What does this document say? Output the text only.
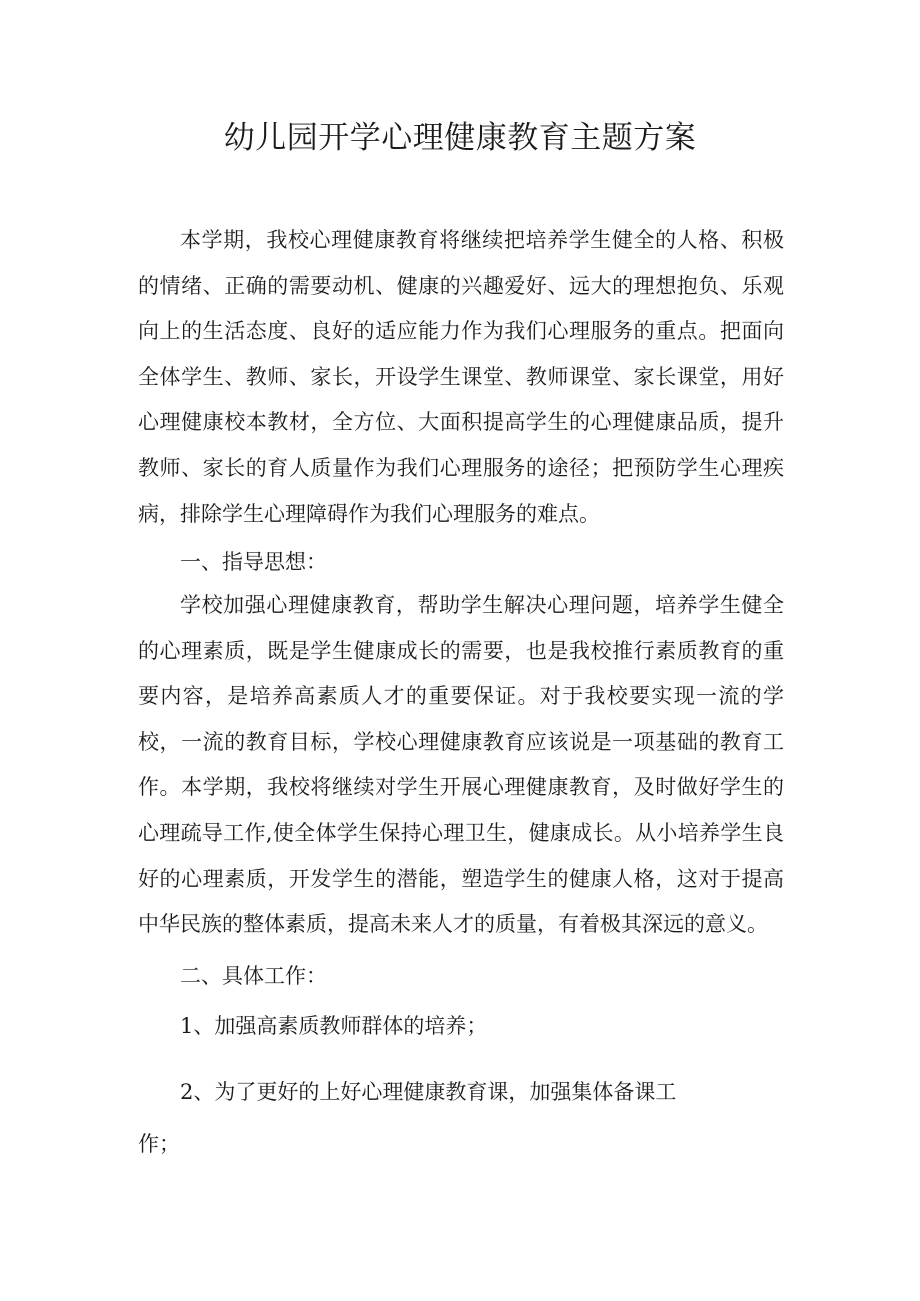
幼儿园开学心理健康教育主题方案

本学期，我校心理健康教育将继续把培养学生健全的人格、积极的情绪、正确的需要动机、健康的兴趣爱好、远大的理想抱负、乐观向上的生活态度、良好的适应能力作为我们心理服务的重点。把面向全体学生、教师、家长，开设学生课堂、教师课堂、家长课堂，用好心理健康校本教材，全方位、大面积提高学生的心理健康品质，提升教师、家长的育人质量作为我们心理服务的途径；把预防学生心理疾病，排除学生心理障碍作为我们心理服务的难点。

一、指导思想：

学校加强心理健康教育，帮助学生解决心理问题，培养学生健全的心理素质，既是学生健康成长的需要，也是我校推行素质教育的重要内容，是培养高素质人才的重要保证。对于我校要实现一流的学校，一流的教育目标，学校心理健康教育应该说是一项基础的教育工作。本学期，我校将继续对学生开展心理健康教育，及时做好学生的心理疏导工作,使全体学生保持心理卫生，健康成长。从小培养学生良好的心理素质，开发学生的潜能，塑造学生的健康人格，这对于提高中华民族的整体素质，提高未来人才的质量，有着极其深远的意义。

二、具体工作：

1、加强高素质教师群体的培养；

2、为了更好的上好心理健康教育课，加强集体备课工作；
